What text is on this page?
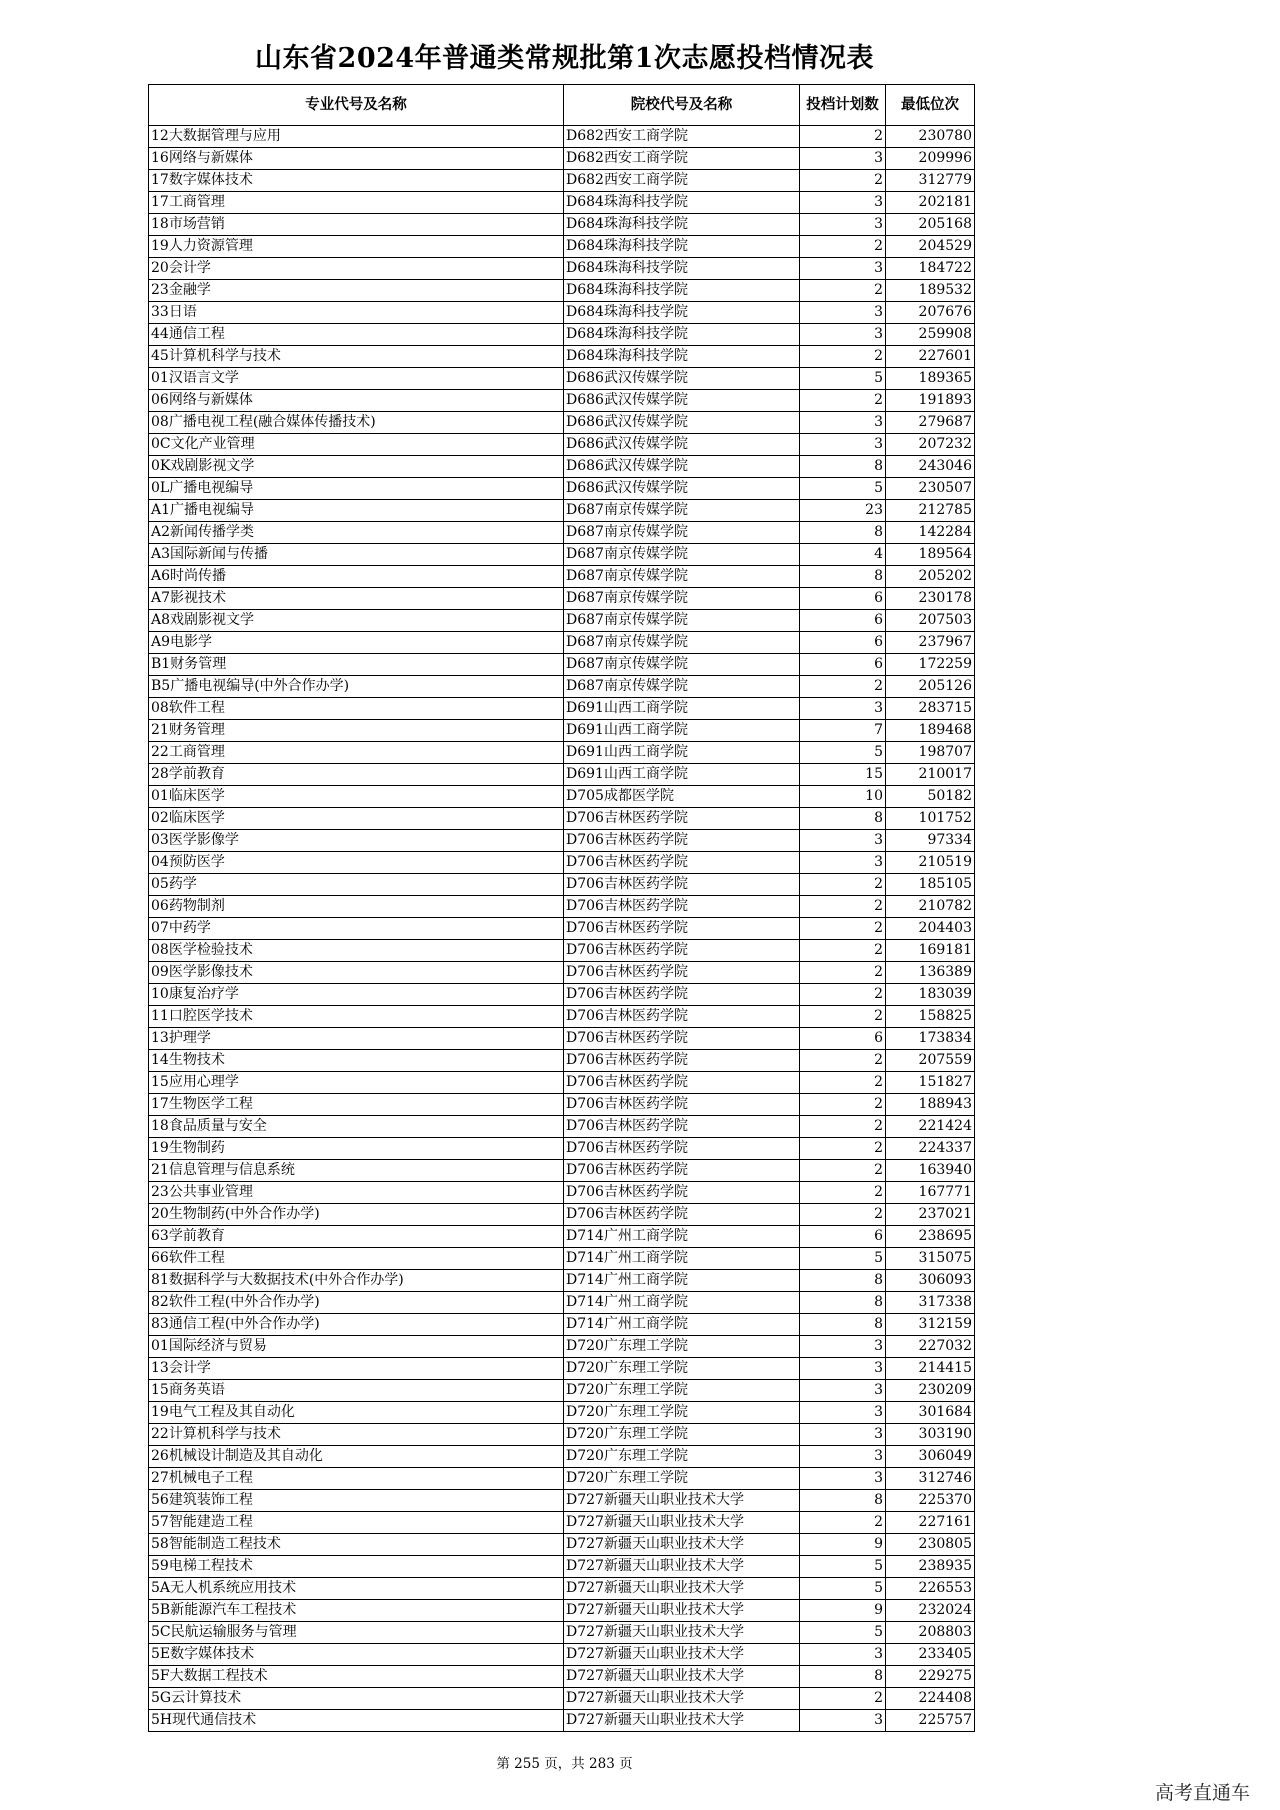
山东省2024年普通类常规批第1次志愿投档情况表
专业代号及名称	院校代号及名称	投档计划数	最低位次
12大数据管理与应用	D682西安工商学院	2	230780
16网络与新媒体	D682西安工商学院	3	209996
17数字媒体技术	D682西安工商学院	2	312779
17工商管理	D684珠海科技学院	3	202181
18市场营销	D684珠海科技学院	3	205168
19人力资源管理	D684珠海科技学院	2	204529
20会计学	D684珠海科技学院	3	184722
23金融学	D684珠海科技学院	2	189532
33日语	D684珠海科技学院	3	207676
44通信工程	D684珠海科技学院	3	259908
45计算机科学与技术	D684珠海科技学院	2	227601
01汉语言文学	D686武汉传媒学院	5	189365
06网络与新媒体	D686武汉传媒学院	2	191893
08广播电视工程(融合媒体传播技术)	D686武汉传媒学院	3	279687
0C文化产业管理	D686武汉传媒学院	3	207232
0K戏剧影视文学	D686武汉传媒学院	8	243046
0L广播电视编导	D686武汉传媒学院	5	230507
A1广播电视编导	D687南京传媒学院	23	212785
A2新闻传播学类	D687南京传媒学院	8	142284
A3国际新闻与传播	D687南京传媒学院	4	189564
A6时尚传播	D687南京传媒学院	8	205202
A7影视技术	D687南京传媒学院	6	230178
A8戏剧影视文学	D687南京传媒学院	6	207503
A9电影学	D687南京传媒学院	6	237967
B1财务管理	D687南京传媒学院	6	172259
B5广播电视编导(中外合作办学)	D687南京传媒学院	2	205126
08软件工程	D691山西工商学院	3	283715
21财务管理	D691山西工商学院	7	189468
22工商管理	D691山西工商学院	5	198707
28学前教育	D691山西工商学院	15	210017
01临床医学	D705成都医学院	10	50182
02临床医学	D706吉林医药学院	8	101752
03医学影像学	D706吉林医药学院	3	97334
04预防医学	D706吉林医药学院	3	210519
05药学	D706吉林医药学院	2	185105
06药物制剂	D706吉林医药学院	2	210782
07中药学	D706吉林医药学院	2	204403
08医学检验技术	D706吉林医药学院	2	169181
09医学影像技术	D706吉林医药学院	2	136389
10康复治疗学	D706吉林医药学院	2	183039
11口腔医学技术	D706吉林医药学院	2	158825
13护理学	D706吉林医药学院	6	173834
14生物技术	D706吉林医药学院	2	207559
15应用心理学	D706吉林医药学院	2	151827
17生物医学工程	D706吉林医药学院	2	188943
18食品质量与安全	D706吉林医药学院	2	221424
19生物制药	D706吉林医药学院	2	224337
21信息管理与信息系统	D706吉林医药学院	2	163940
23公共事业管理	D706吉林医药学院	2	167771
20生物制药(中外合作办学)	D706吉林医药学院	2	237021
63学前教育	D714广州工商学院	6	238695
66软件工程	D714广州工商学院	5	315075
81数据科学与大数据技术(中外合作办学)	D714广州工商学院	8	306093
82软件工程(中外合作办学)	D714广州工商学院	8	317338
83通信工程(中外合作办学)	D714广州工商学院	8	312159
01国际经济与贸易	D720广东理工学院	3	227032
13会计学	D720广东理工学院	3	214415
15商务英语	D720广东理工学院	3	230209
19电气工程及其自动化	D720广东理工学院	3	301684
22计算机科学与技术	D720广东理工学院	3	303190
26机械设计制造及其自动化	D720广东理工学院	3	306049
27机械电子工程	D720广东理工学院	3	312746
56建筑装饰工程	D727新疆天山职业技术大学	8	225370
57智能建造工程	D727新疆天山职业技术大学	2	227161
58智能制造工程技术	D727新疆天山职业技术大学	9	230805
59电梯工程技术	D727新疆天山职业技术大学	5	238935
5A无人机系统应用技术	D727新疆天山职业技术大学	5	226553
5B新能源汽车工程技术	D727新疆天山职业技术大学	9	232024
5C民航运输服务与管理	D727新疆天山职业技术大学	5	208803
5E数字媒体技术	D727新疆天山职业技术大学	3	233405
5F大数据工程技术	D727新疆天山职业技术大学	8	229275
5G云计算技术	D727新疆天山职业技术大学	2	224408
5H现代通信技术	D727新疆天山职业技术大学	3	225757
第 255 页，共 283 页
高考直通车
